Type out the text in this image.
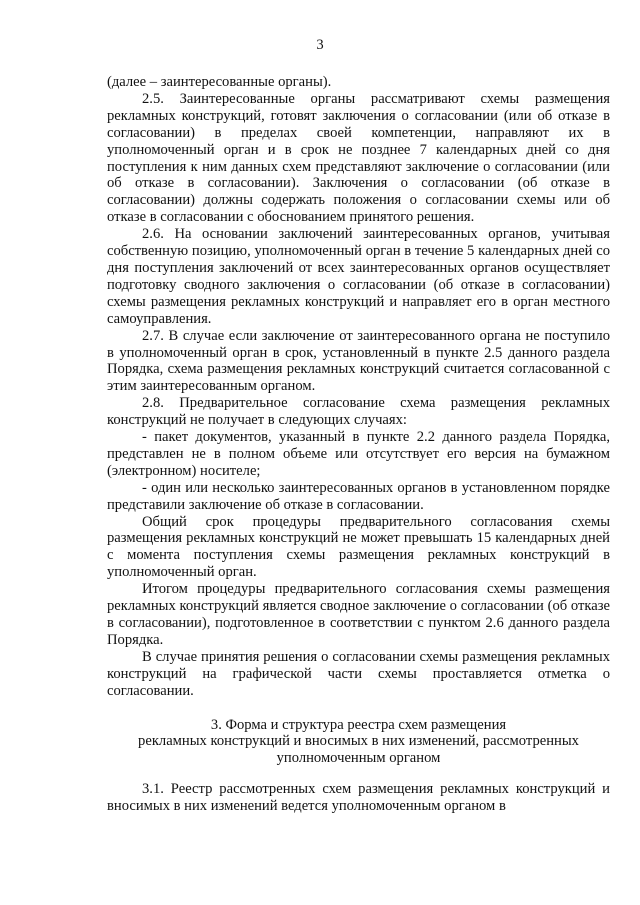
3

(далее – заинтересованные органы).

2.5. Заинтересованные органы рассматривают схемы размещения рекламных конструкций, готовят заключения о согласовании (или об отказе в согласовании) в пределах своей компетенции, направляют их в уполномоченный орган и в срок не позднее 7 календарных дней со дня поступления к ним данных схем представляют заключение о согласовании (или об отказе в согласовании). Заключения о согласовании (об отказе в согласовании) должны содержать положения о согласовании схемы или об отказе в согласовании с обоснованием принятого решения.

2.6. На основании заключений заинтересованных органов, учитывая собственную позицию, уполномоченный орган в течение 5 календарных дней со дня поступления заключений от всех заинтересованных органов осуществляет подготовку сводного заключения о согласовании (об отказе в согласовании) схемы размещения рекламных конструкций и направляет его в орган местного самоуправления.

2.7. В случае если заключение от заинтересованного органа не поступило в уполномоченный орган в срок, установленный в пункте 2.5 данного раздела Порядка, схема размещения рекламных конструкций считается согласованной с этим заинтересованным органом.

2.8. Предварительное согласование схема размещения рекламных конструкций не получает в следующих случаях:

- пакет документов, указанный в пункте 2.2 данного раздела Порядка, представлен не в полном объеме или отсутствует его версия на бумажном (электронном) носителе;

- один или несколько заинтересованных органов в установленном порядке представили заключение об отказе в согласовании.

Общий срок процедуры предварительного согласования схемы размещения рекламных конструкций не может превышать 15 календарных дней с момента поступления схемы размещения рекламных конструкций в уполномоченный орган.

Итогом процедуры предварительного согласования схемы размещения рекламных конструкций является сводное заключение о согласовании (об отказе в согласовании), подготовленное в соответствии с пунктом 2.6 данного раздела Порядка.

В случае принятия решения о согласовании схемы размещения рекламных конструкций на графической части схемы проставляется отметка о согласовании.

3. Форма и структура реестра схем размещения

рекламных конструкций и вносимых в них изменений, рассмотренных

уполномоченным органом

3.1. Реестр рассмотренных схем размещения рекламных конструкций и вносимых в них изменений ведется уполномоченным органом в
